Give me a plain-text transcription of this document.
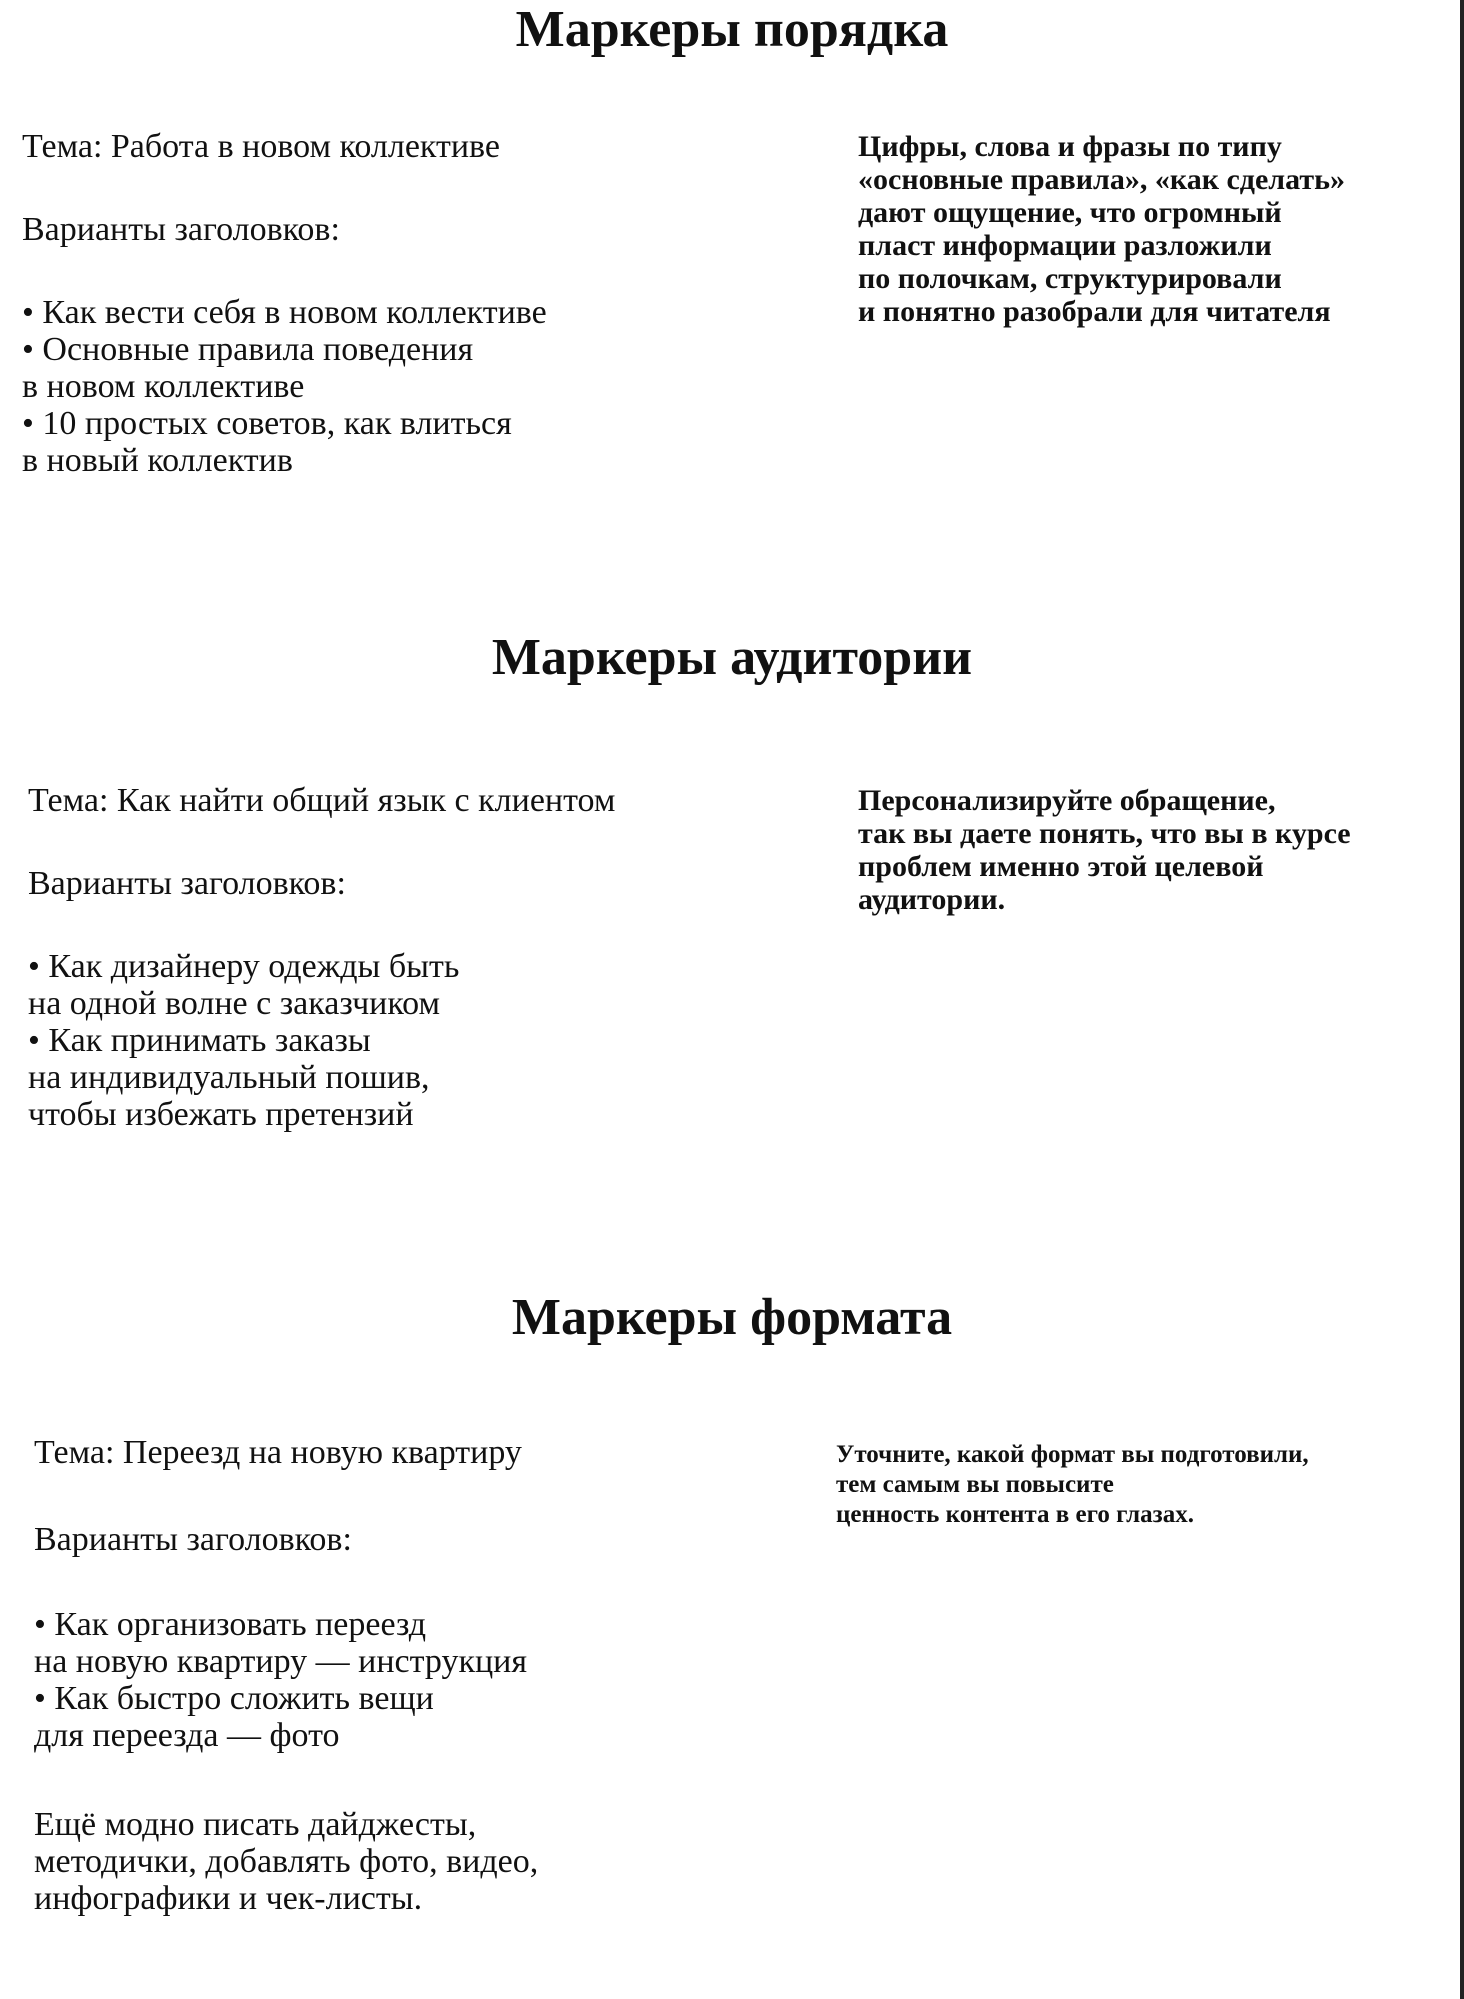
Маркеры порядка

Тема: Работа в новом коллективе

Варианты заголовков:

• Как вести себя в новом коллективе
• Основные правила поведения
в новом коллективе
• 10 простых советов, как влиться
в новый коллектив

Цифры, слова и фразы по типу
«основные правила», «как сделать»
дают ощущение, что огромный
пласт информации разложили
по полочкам, структурировали
и понятно разобрали для читателя

Маркеры аудитории

Тема: Как найти общий язык с клиентом

Варианты заголовков:

• Как дизайнеру одежды быть
на одной волне с заказчиком
• Как принимать заказы
на индивидуальный пошив,
чтобы избежать претензий

Персонализируйте обращение,
так вы даете понять, что вы в курсе
проблем именно этой целевой
аудитории.

Маркеры формата

Тема: Переезд на новую квартиру

Варианты заголовков:

• Как организовать переезд
на новую квартиру — инструкция
• Как быстро сложить вещи
для переезда — фото

Ещё модно писать дайджесты,
методички, добавлять фото, видео,
инфографики и чек-листы.

Уточните, какой формат вы подготовили,
тем самым вы повысите
ценность контента в его глазах.
